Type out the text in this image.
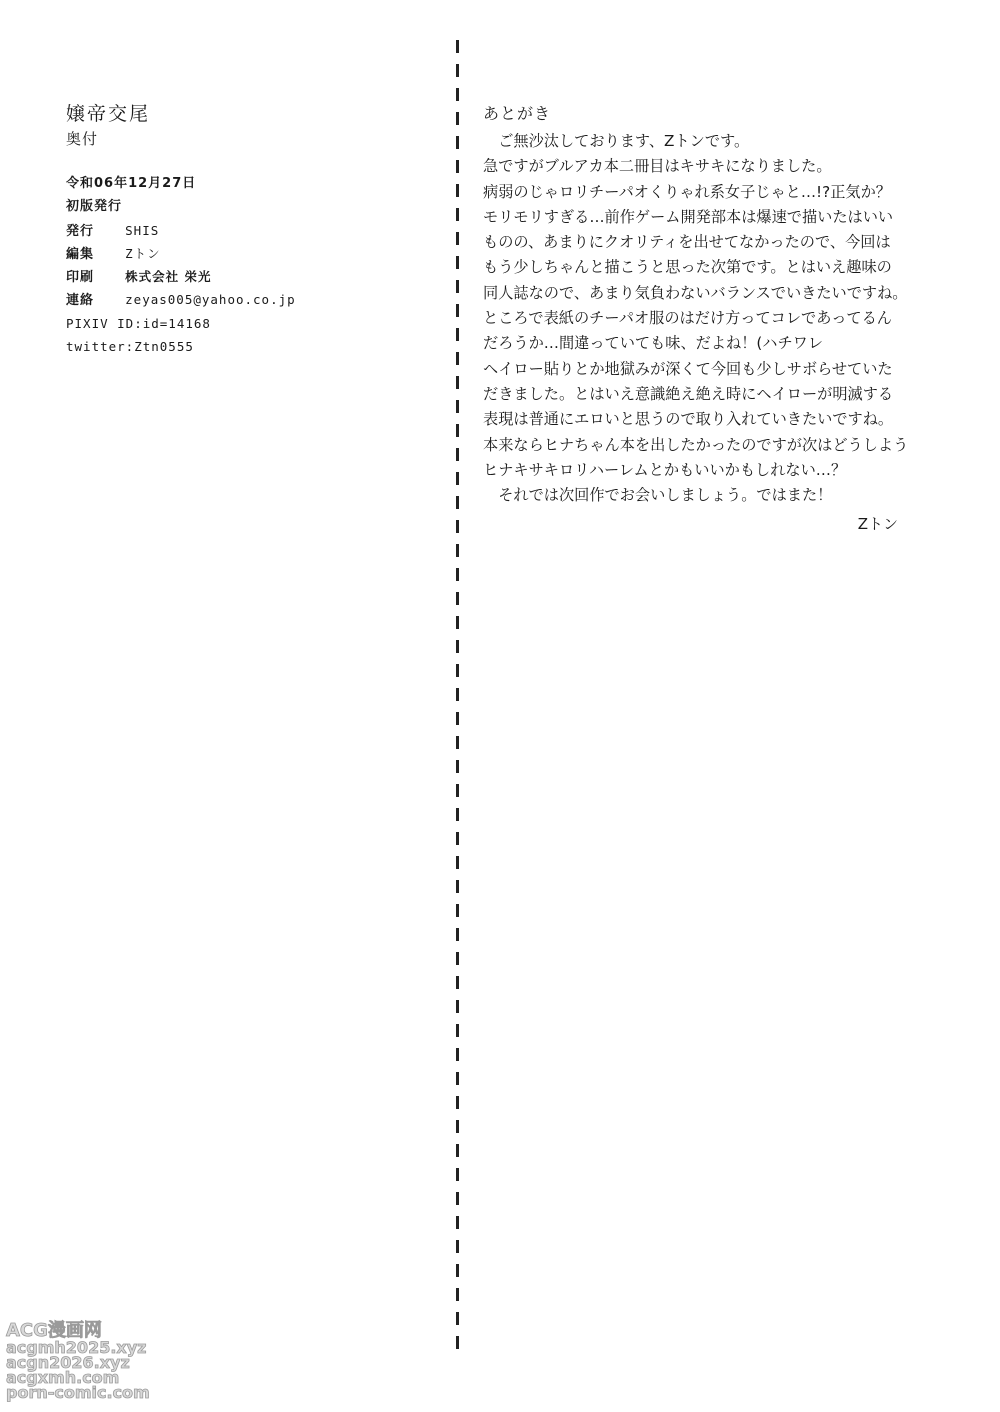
嬢帝交尾
奥付
令和06年12月27日
初版発行
発行 SHIS
編集 Zトン
印刷 株式会社 栄光
連絡 zeyas005@yahoo.co.jp
PIXIV ID:id=14168
twitter:Ztn0555
あとがき
　ご無沙汰しております、Zトンです。
急ですがブルアカ本二冊目はキサキになりました。
病弱のじゃロリチーパオくりゃれ系女子じゃと…!?正気か？
モリモリすぎる…前作ゲーム開発部本は爆速で描いたはいい
ものの、あまりにクオリティを出せてなかったので、今回は
もう少しちゃんと描こうと思った次第です。とはいえ趣味の
同人誌なので、あまり気負わないバランスでいきたいですね。
ところで表紙のチーパオ服のはだけ方ってコレであってるん
だろうか…間違っていても味、だよね！(ハチワレ
ヘイロー貼りとか地獄みが深くて今回も少しサボらせていた
だきました。とはいえ意識絶え絶え時にヘイローが明滅する
表現は普通にエロいと思うので取り入れていきたいですね。
本来ならヒナちゃん本を出したかったのですが次はどうしよう
ヒナキサキロリハーレムとかもいいかもしれない…？
　それでは次回作でお会いしましょう。ではまた！
Zトン
ACG漫画网
acgmh2025.xyz
acgn2026.xyz
acgxmh.com
porn-comic.com
